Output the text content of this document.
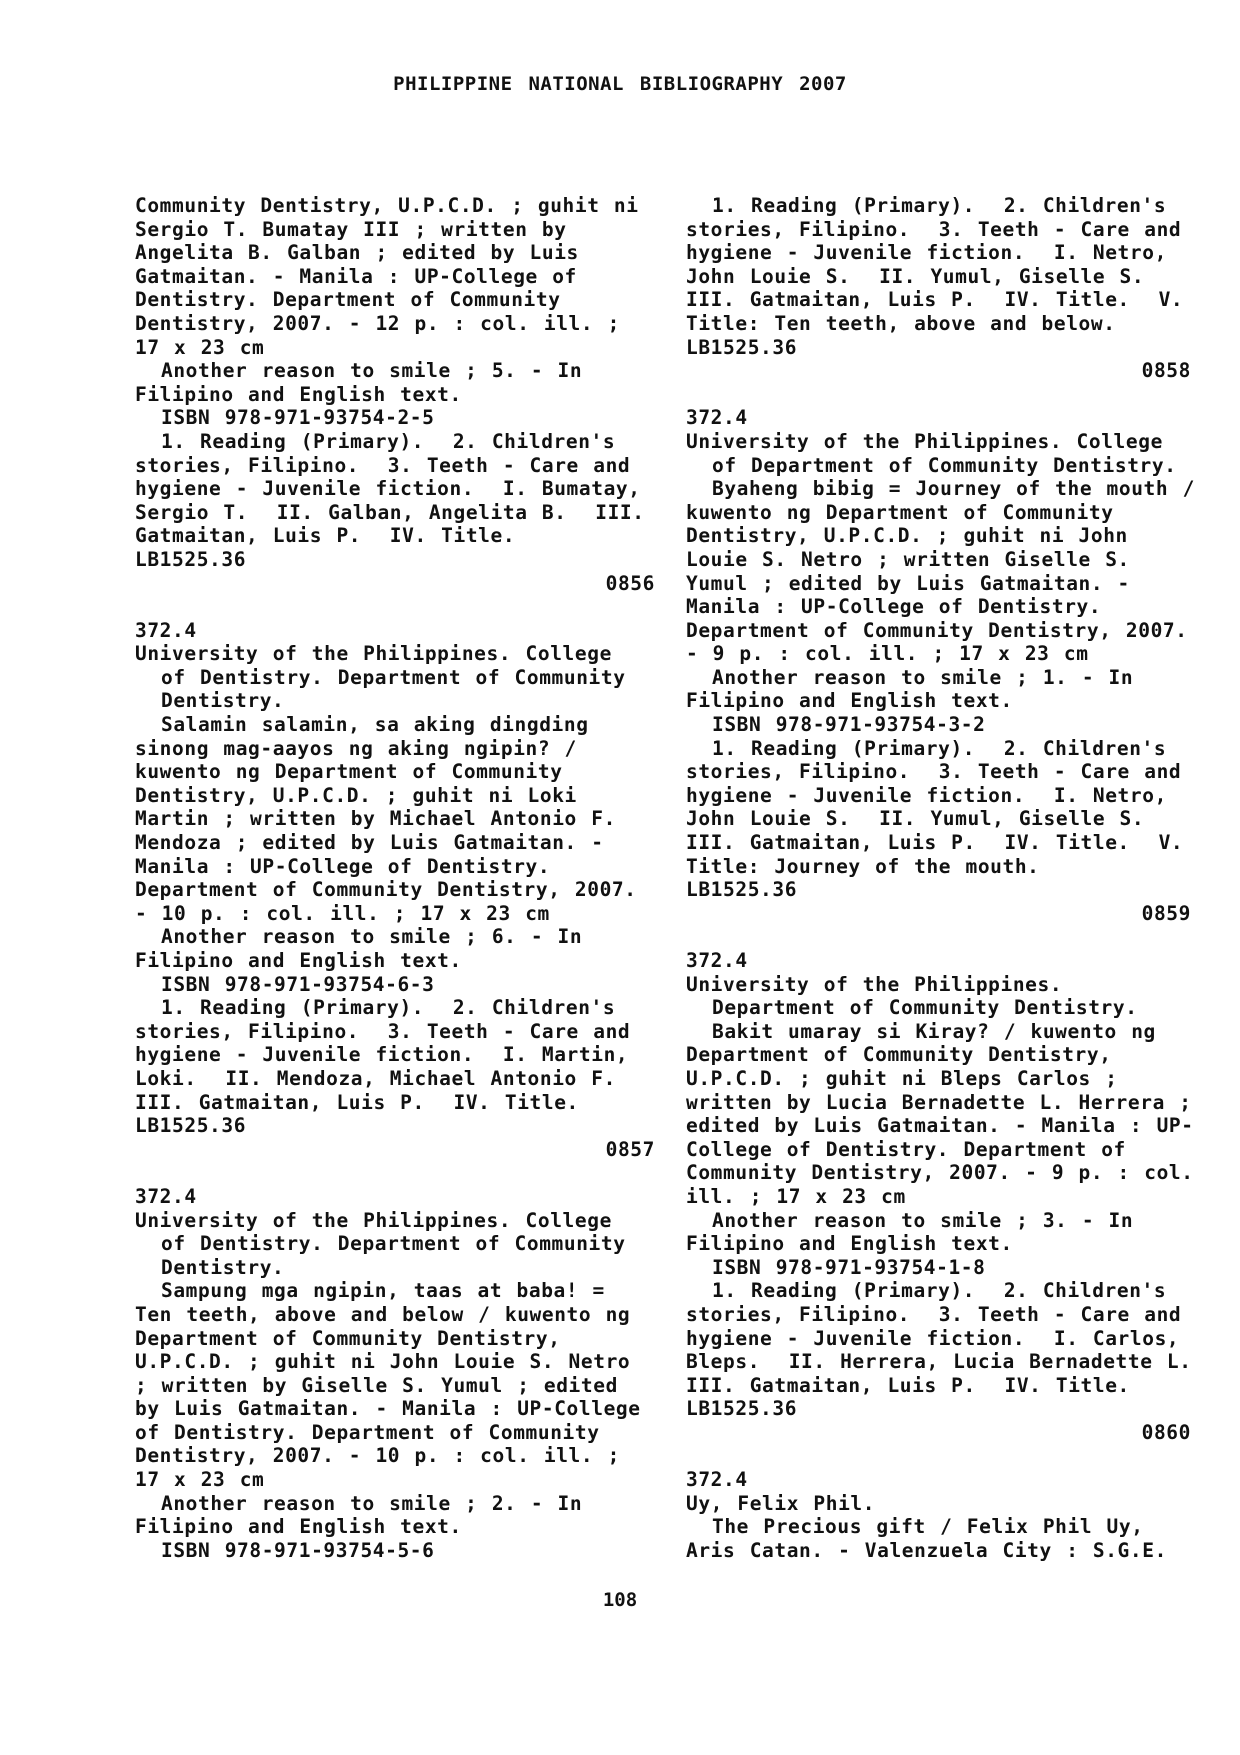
PHILIPPINE NATIONAL BIBLIOGRAPHY 2007
Community Dentistry, U.P.C.D. ; guhit ni
Sergio T. Bumatay III ; written by
Angelita B. Galban ; edited by Luis
Gatmaitan. - Manila : UP-College of
Dentistry. Department of Community
Dentistry, 2007. - 12 p. : col. ill. ;
17 x 23 cm
Another reason to smile ; 5. - In
Filipino and English text.
ISBN 978-971-93754-2-5
1. Reading (Primary).  2. Children's
stories, Filipino.  3. Teeth - Care and
hygiene - Juvenile fiction.  I. Bumatay,
Sergio T.  II. Galban, Angelita B.  III.
Gatmaitan, Luis P.  IV. Title.
LB1525.36
0856
372.4
University of the Philippines. College
of Dentistry. Department of Community
Dentistry.
Salamin salamin, sa aking dingding
sinong mag-aayos ng aking ngipin? /
kuwento ng Department of Community
Dentistry, U.P.C.D. ; guhit ni Loki
Martin ; written by Michael Antonio F.
Mendoza ; edited by Luis Gatmaitan. -
Manila : UP-College of Dentistry.
Department of Community Dentistry, 2007.
- 10 p. : col. ill. ; 17 x 23 cm
Another reason to smile ; 6. - In
Filipino and English text.
ISBN 978-971-93754-6-3
1. Reading (Primary).  2. Children's
stories, Filipino.  3. Teeth - Care and
hygiene - Juvenile fiction.  I. Martin,
Loki.  II. Mendoza, Michael Antonio F.
III. Gatmaitan, Luis P.  IV. Title.
LB1525.36
0857
372.4
University of the Philippines. College
of Dentistry. Department of Community
Dentistry.
Sampung mga ngipin, taas at baba! =
Ten teeth, above and below / kuwento ng
Department of Community Dentistry,
U.P.C.D. ; guhit ni John Louie S. Netro
; written by Giselle S. Yumul ; edited
by Luis Gatmaitan. - Manila : UP-College
of Dentistry. Department of Community
Dentistry, 2007. - 10 p. : col. ill. ;
17 x 23 cm
Another reason to smile ; 2. - In
Filipino and English text.
ISBN 978-971-93754-5-6
1. Reading (Primary).  2. Children's
stories, Filipino.  3. Teeth - Care and
hygiene - Juvenile fiction.  I. Netro,
John Louie S.  II. Yumul, Giselle S.
III. Gatmaitan, Luis P.  IV. Title.  V.
Title: Ten teeth, above and below.
LB1525.36
0858
372.4
University of the Philippines. College
of Department of Community Dentistry.
Byaheng bibig = Journey of the mouth /
kuwento ng Department of Community
Dentistry, U.P.C.D. ; guhit ni John
Louie S. Netro ; written Giselle S.
Yumul ; edited by Luis Gatmaitan. -
Manila : UP-College of Dentistry.
Department of Community Dentistry, 2007.
- 9 p. : col. ill. ; 17 x 23 cm
Another reason to smile ; 1. - In
Filipino and English text.
ISBN 978-971-93754-3-2
1. Reading (Primary).  2. Children's
stories, Filipino.  3. Teeth - Care and
hygiene - Juvenile fiction.  I. Netro,
John Louie S.  II. Yumul, Giselle S.
III. Gatmaitan, Luis P.  IV. Title.  V.
Title: Journey of the mouth.
LB1525.36
0859
372.4
University of the Philippines.
Department of Community Dentistry.
Bakit umaray si Kiray? / kuwento ng
Department of Community Dentistry,
U.P.C.D. ; guhit ni Bleps Carlos ;
written by Lucia Bernadette L. Herrera ;
edited by Luis Gatmaitan. - Manila : UP-
College of Dentistry. Department of
Community Dentistry, 2007. - 9 p. : col.
ill. ; 17 x 23 cm
Another reason to smile ; 3. - In
Filipino and English text.
ISBN 978-971-93754-1-8
1. Reading (Primary).  2. Children's
stories, Filipino.  3. Teeth - Care and
hygiene - Juvenile fiction.  I. Carlos,
Bleps.  II. Herrera, Lucia Bernadette L.
III. Gatmaitan, Luis P.  IV. Title.
LB1525.36
0860
372.4
Uy, Felix Phil.
The Precious gift / Felix Phil Uy,
Aris Catan. - Valenzuela City : S.G.E.
108
